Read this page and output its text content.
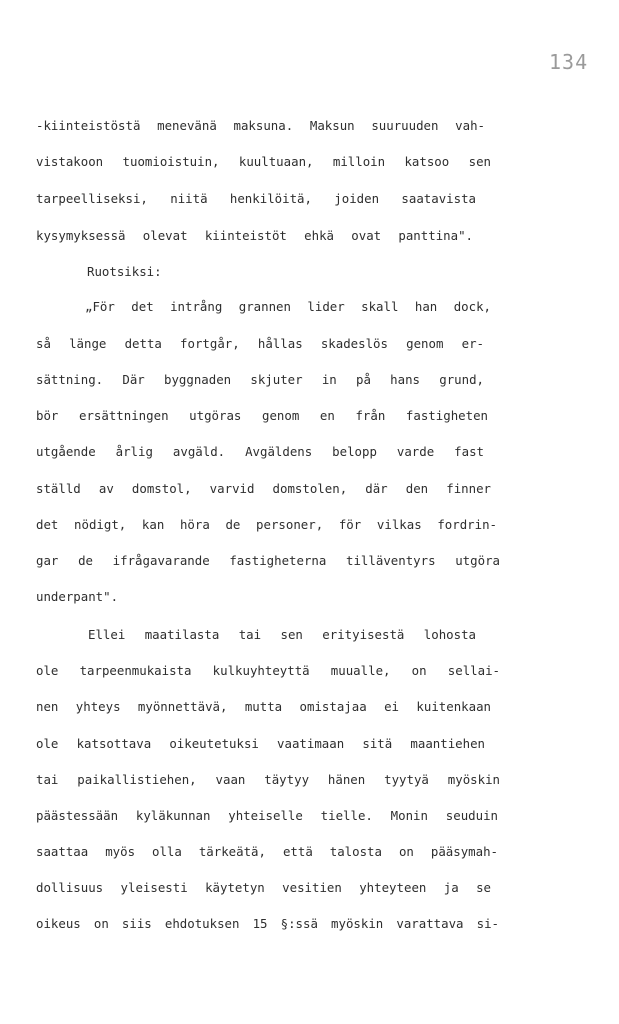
134

-kiinteistöstä menevänä maksuna. Maksun suuruuden vah-

vistakoon tuomioistuin, kuultuaan, milloin katsoo sen

tarpeelliseksi, niitä henkilöitä, joiden saatavista

kysymyksessä olevat kiinteistöt ehkä ovat panttina".

Ruotsiksi:

„För det intrång grannen lider skall han dock,

så länge detta fortgår, hållas skadeslös genom er-

sättning. Där byggnaden skjuter in på hans grund,

bör ersättningen utgöras genom en från fastigheten

utgående årlig avgäld. Avgäldens belopp varde fast

ställd av domstol, varvid domstolen, där den finner

det nödigt, kan höra de personer, för vilkas fordrin-

gar de ifrågavarande fastigheterna tilläventyrs utgöra

underpant".

Ellei maatilasta tai sen erityisestä lohosta

ole tarpeenmukaista kulkuyhteyttä muualle, on sellai-

nen yhteys myönnettävä, mutta omistajaa ei kuitenkaan

ole katsottava oikeutetuksi vaatimaan sitä maantiehen

tai paikallistiehen, vaan täytyy hänen tyytyä myöskin

päästessään kyläkunnan yhteiselle tielle. Monin seuduin

saattaa myös olla tärkeätä, että talosta on pääsymah-

dollisuus yleisesti käytetyn vesitien yhteyteen ja se

oikeus on siis ehdotuksen 15 §:ssä myöskin varattava si-
